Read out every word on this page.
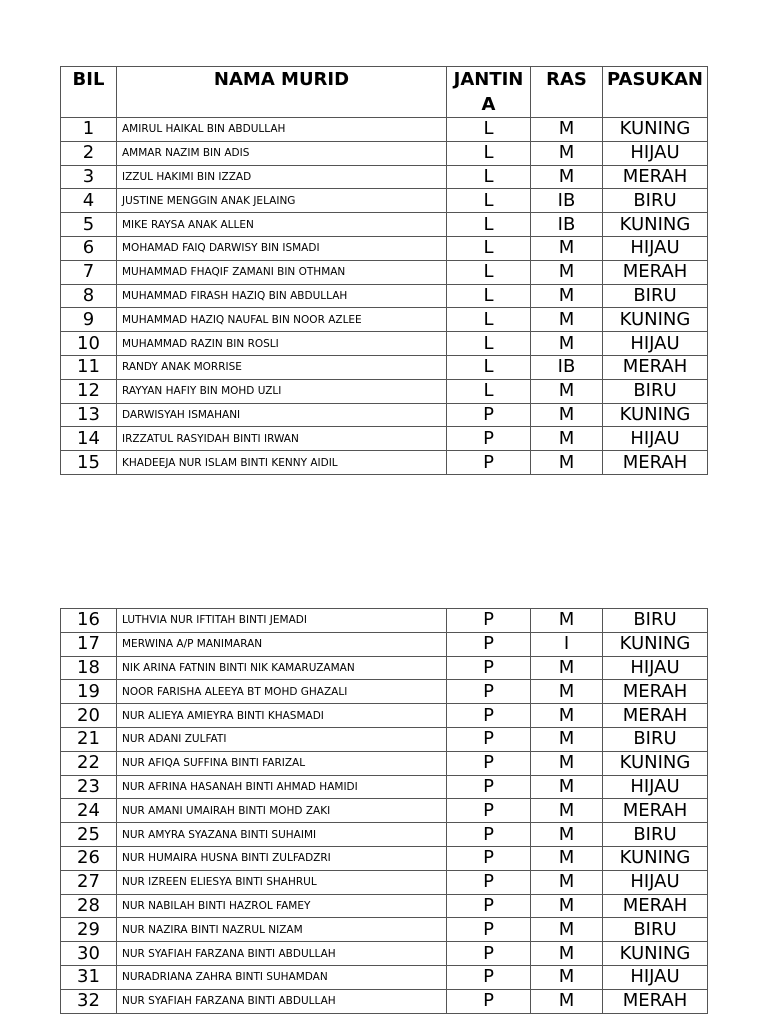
BIL	NAMA MURID	JANTINA	RAS	PASUKAN
1	AMIRUL HAIKAL BIN ABDULLAH	L	M	KUNING
2	AMMAR NAZIM BIN ADIS	L	M	HIJAU
3	IZZUL HAKIMI BIN IZZAD	L	M	MERAH
4	JUSTINE MENGGIN ANAK JELAING	L	IB	BIRU
5	MIKE RAYSA ANAK ALLEN	L	IB	KUNING
6	MOHAMAD FAIQ DARWISY BIN ISMADI	L	M	HIJAU
7	MUHAMMAD FHAQIF ZAMANI BIN OTHMAN	L	M	MERAH
8	MUHAMMAD FIRASH HAZIQ BIN ABDULLAH	L	M	BIRU
9	MUHAMMAD HAZIQ NAUFAL BIN NOOR AZLEE	L	M	KUNING
10	MUHAMMAD RAZIN BIN ROSLI	L	M	HIJAU
11	RANDY ANAK MORRISE	L	IB	MERAH
12	RAYYAN HAFIY BIN MOHD UZLI	L	M	BIRU
13	DARWISYAH ISMAHANI	P	M	KUNING
14	IRZZATUL RASYIDAH BINTI IRWAN	P	M	HIJAU
15	KHADEEJA NUR ISLAM BINTI KENNY AIDIL	P	M	MERAH
16	LUTHVIA NUR IFTITAH BINTI JEMADI	P	M	BIRU
17	MERWINA A/P MANIMARAN	P	I	KUNING
18	NIK ARINA FATNIN BINTI NIK KAMARUZAMAN	P	M	HIJAU
19	NOOR FARISHA ALEEYA BT MOHD GHAZALI	P	M	MERAH
20	NUR ALIEYA AMIEYRA BINTI KHASMADI	P	M	MERAH
21	NUR ADANI ZULFATI	P	M	BIRU
22	NUR AFIQA SUFFINA BINTI FARIZAL	P	M	KUNING
23	NUR AFRINA HASANAH BINTI AHMAD HAMIDI	P	M	HIJAU
24	NUR AMANI UMAIRAH BINTI MOHD ZAKI	P	M	MERAH
25	NUR AMYRA SYAZANA BINTI SUHAIMI	P	M	BIRU
26	NUR HUMAIRA HUSNA BINTI ZULFADZRI	P	M	KUNING
27	NUR IZREEN ELIESYA BINTI SHAHRUL	P	M	HIJAU
28	NUR NABILAH BINTI HAZROL FAMEY	P	M	MERAH
29	NUR NAZIRA BINTI NAZRUL NIZAM	P	M	BIRU
30	NUR SYAFIAH FARZANA BINTI ABDULLAH	P	M	KUNING
31	NURADRIANA ZAHRA BINTI SUHAMDAN	P	M	HIJAU
32	NUR SYAFIAH FARZANA BINTI ABDULLAH	P	M	MERAH
